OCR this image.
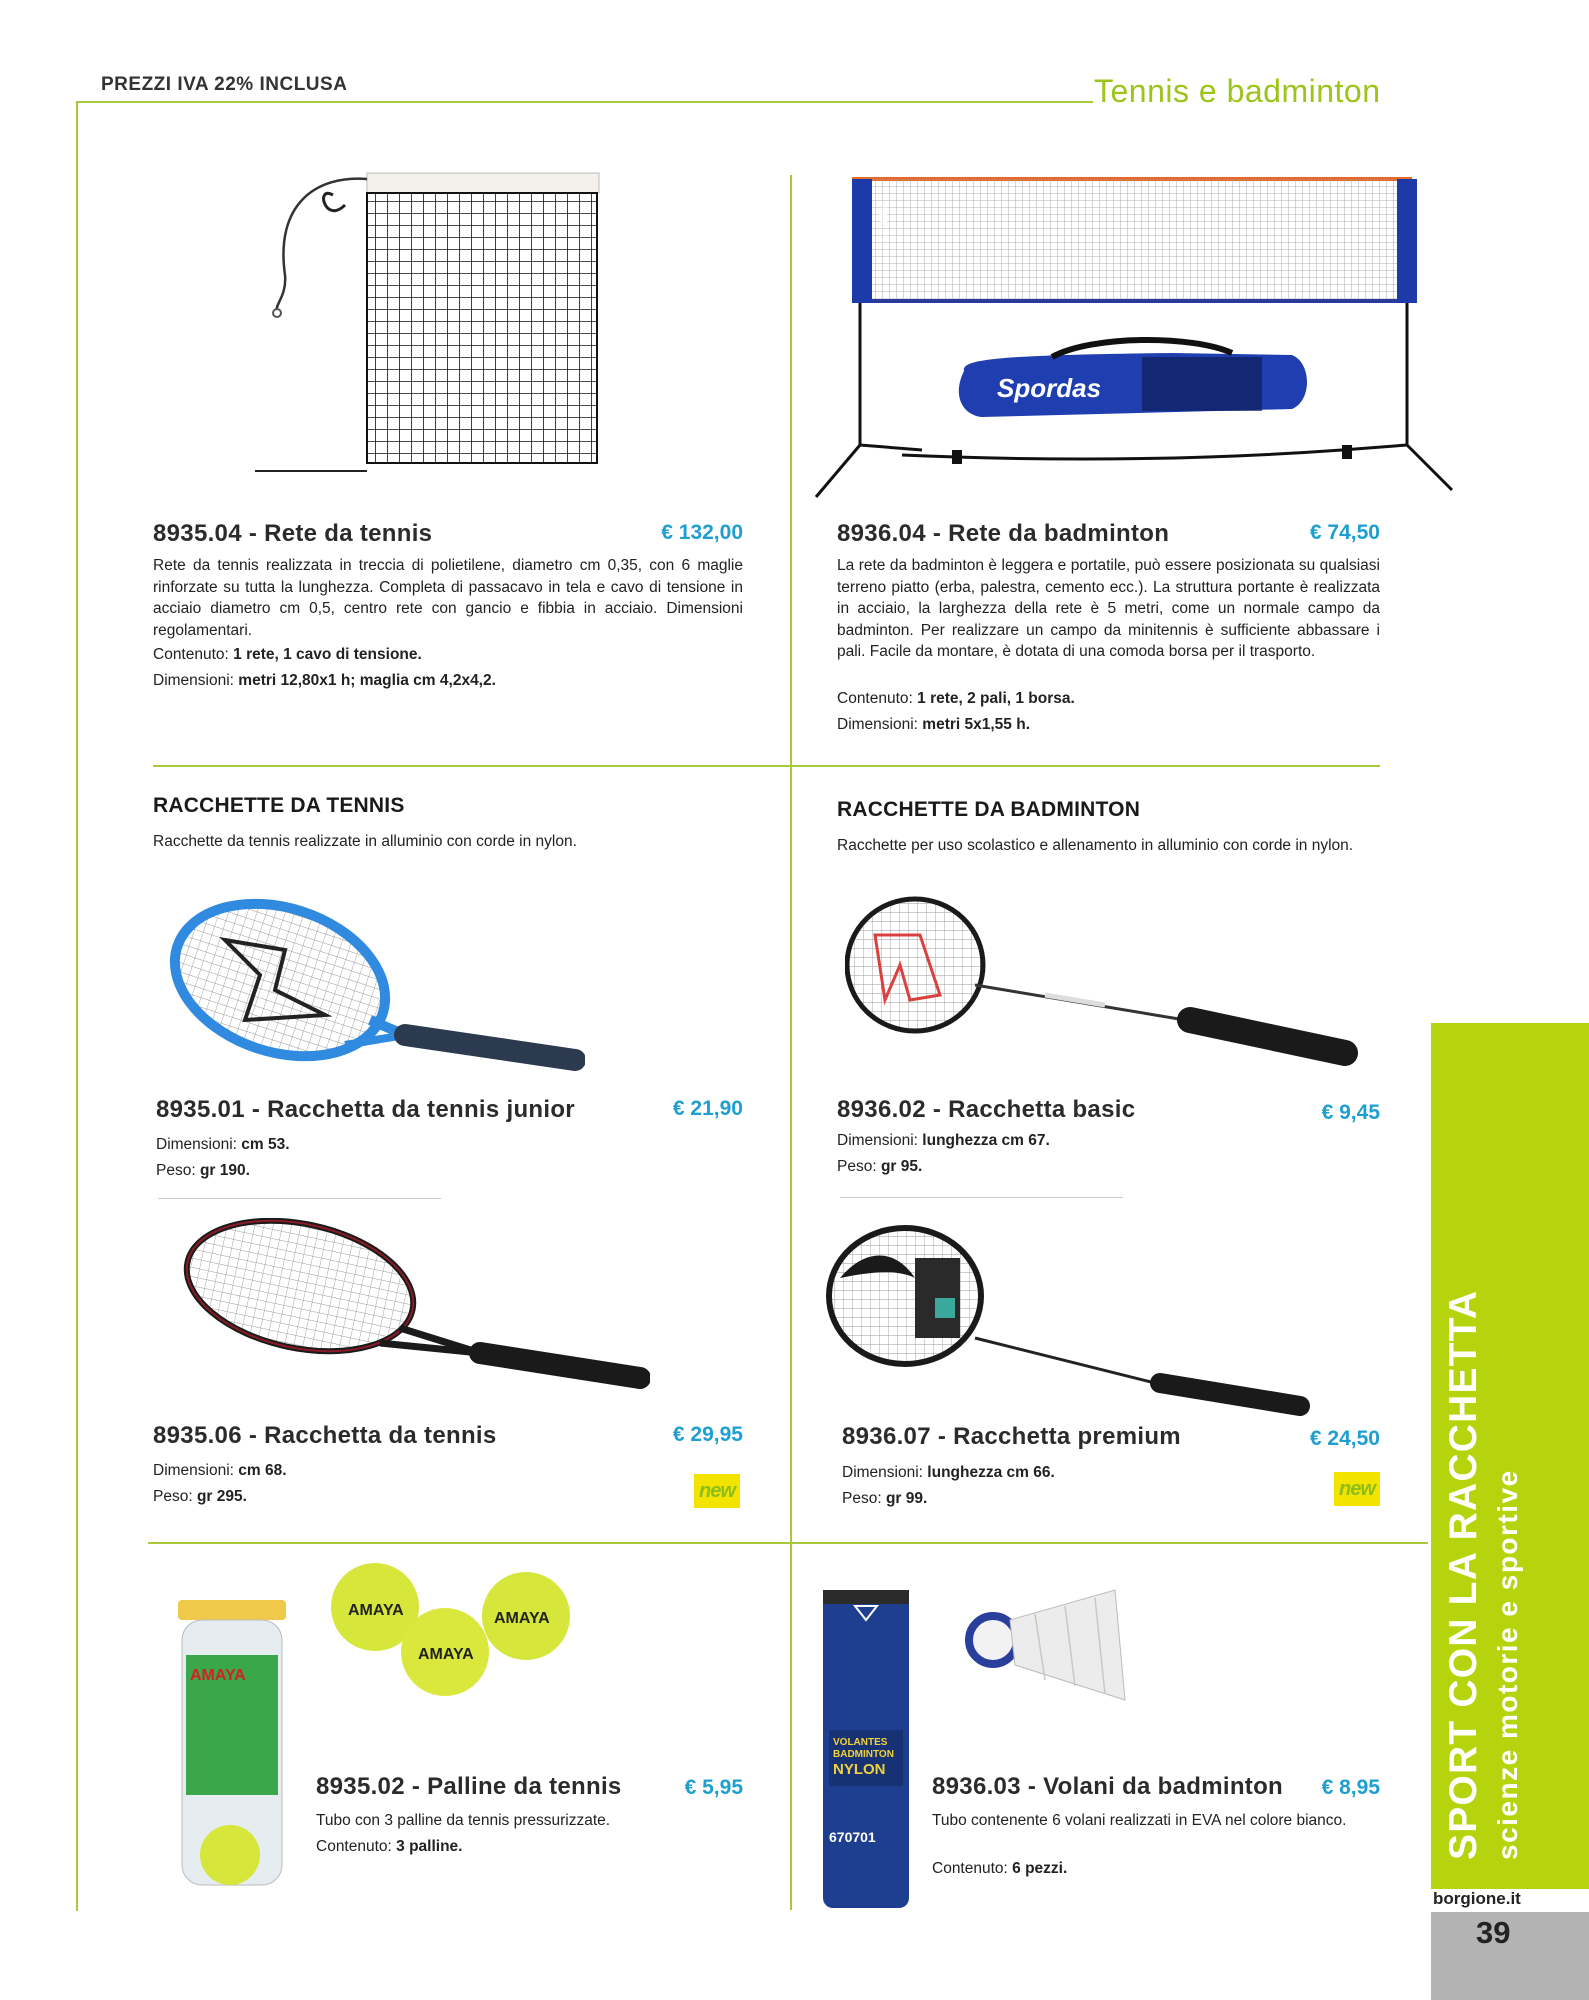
PREZZI IVA 22% INCLUSA	Tennis e badminton
8935.04 - Rete da tennis	€ 132,00
Rete da tennis realizzata in treccia di polietilene, diametro cm 0,35, con 6 maglie rinforzate su tutta la lunghezza. Completa di passacavo in tela e cavo di tensione in acciaio diametro cm 0,5, centro rete con gancio e fibbia in acciaio. Dimensioni regolamentari.
Contenuto: 1 rete, 1 cavo di tensione.
Dimensioni: metri 12,80x1 h; maglia cm 4,2x4,2.
Spordas	Spordas
Spordas
8936.04 - Rete da badminton	€ 74,50
La rete da badminton è leggera e portatile, può essere posizionata su qualsiasi terreno piatto (erba, palestra, cemento ecc.). La struttura portante è realizzata in acciaio, la larghezza della rete è 5 metri, come un normale campo da badminton. Per realizzare un campo da minitennis è sufficiente abbassare i pali. Facile da montare, è dotata di una comoda borsa per il trasporto.
Contenuto: 1 rete, 2 pali, 1 borsa.
Dimensioni: metri 5x1,55 h.
RACCHETTE DA TENNIS
Racchette da tennis realizzate in alluminio con corde in nylon.
RACCHETTE DA BADMINTON
Racchette per uso scolastico e allenamento in alluminio con corde in nylon.
8935.01 - Racchetta da tennis junior	€ 21,90
Dimensioni: cm 53.
Peso: gr 190.
8936.02 - Racchetta basic	€ 9,45
Dimensioni: lunghezza cm 67.
Peso: gr 95.
8935.06 - Racchetta da tennis	€ 29,95
Dimensioni: cm 68.
Peso: gr 295.	new
8936.07 - Racchetta premium	€ 24,50
Dimensioni: lunghezza cm 66.
Peso: gr 99.	new
AMAYA
AMAYA
AMAYA
AMAYA
8935.02 - Palline da tennis	€ 5,95
Tubo con 3 palline da tennis pressurizzate.
Contenuto: 3 palline.
VOLANTES
BADMINTON
NYLON
670701
8936.03 - Volani da badminton	€ 8,95
Tubo contenente 6 volani realizzati in EVA nel colore bianco.
Contenuto: 6 pezzi.
SPORT CON LA RACCHETTA scienze motorie e sportive
borgione.it
39
